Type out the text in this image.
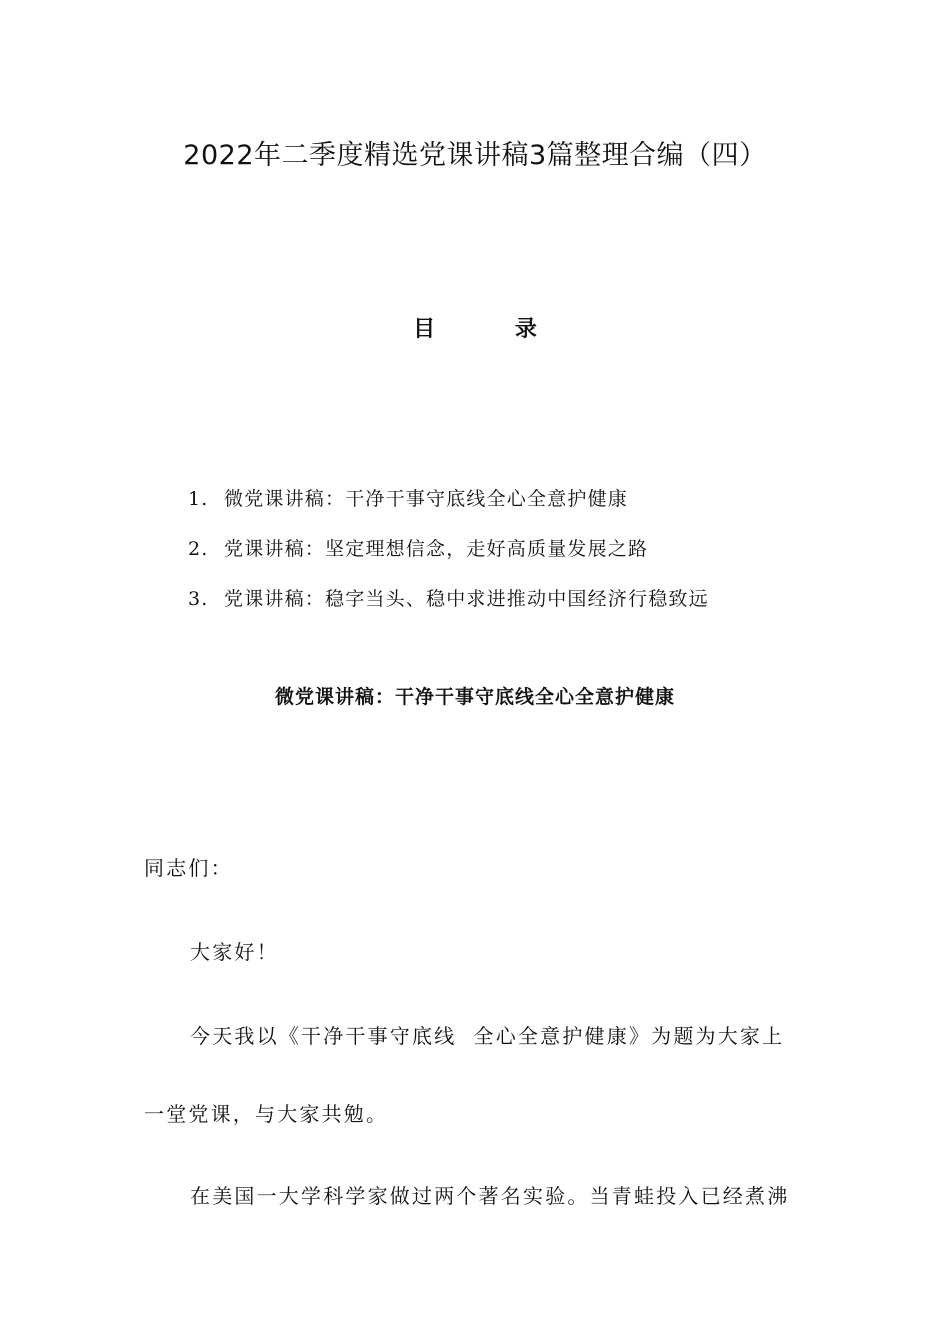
2022年二季度精选党课讲稿3篇整理合编（四）
目 录
1. 微党课讲稿：干净干事守底线全心全意护健康
2. 党课讲稿：坚定理想信念，走好高质量发展之路
3. 党课讲稿：稳字当头、稳中求进推动中国经济行稳致远
微党课讲稿：干净干事守底线全心全意护健康

同志们：

大家好！

今天我以《干净干事守底线  全心全意护健康》为题为大家上

一堂党课，与大家共勉。

在美国一大学科学家做过两个著名实验。当青蛙投入已经煮沸
